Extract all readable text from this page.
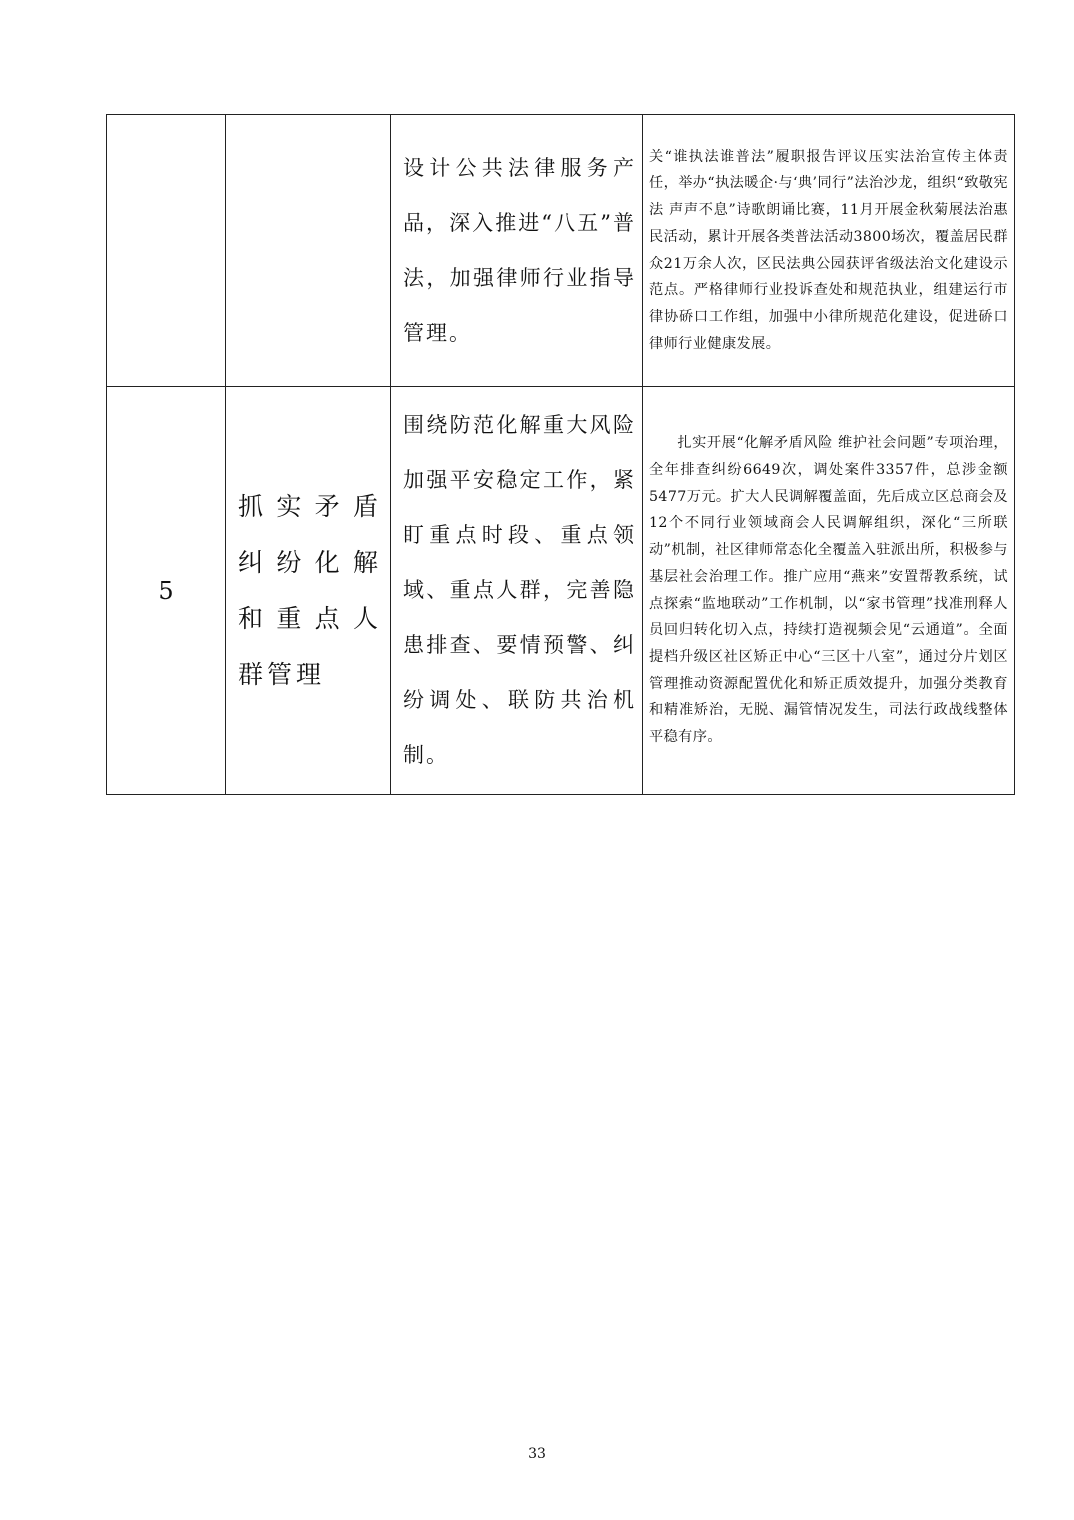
		设计公共法律服务产品，深入推进“八五”普法，加强律师行业指导管理。	关“谁执法谁普法”履职报告评议压实法治宣传主体责任，举办“执法暖企·与‘典’同行”法治沙龙，组织“致敬宪法 声声不息”诗歌朗诵比赛，11月开展金秋菊展法治惠民活动，累计开展各类普法活动3800场次，覆盖居民群众21万余人次，区民法典公园获评省级法治文化建设示范点。严格律师行业投诉查处和规范执业，组建运行市律协硚口工作组，加强中小律所规范化建设，促进硚口律师行业健康发展。

5	抓实矛盾纠纷化解和重点人群管理	围绕防范化解重大风险加强平安稳定工作，紧盯重点时段、重点领域、重点人群，完善隐患排查、要情预警、纠纷调处、联防共治机制。	扎实开展“化解矛盾风险 维护社会问题”专项治理，全年排查纠纷6649次，调处案件3357件，总涉金额5477万元。扩大人民调解覆盖面，先后成立区总商会及12个不同行业领域商会人民调解组织，深化“三所联动”机制，社区律师常态化全覆盖入驻派出所，积极参与基层社会治理工作。推广应用“燕来”安置帮教系统，试点探索“监地联动”工作机制，以“家书管理”找准刑释人员回归转化切入点，持续打造视频会见“云通道”。全面提档升级区社区矫正中心“三区十八室”，通过分片划区管理推动资源配置优化和矫正质效提升，加强分类教育和精准矫治，无脱、漏管情况发生，司法行政战线整体平稳有序。
33
